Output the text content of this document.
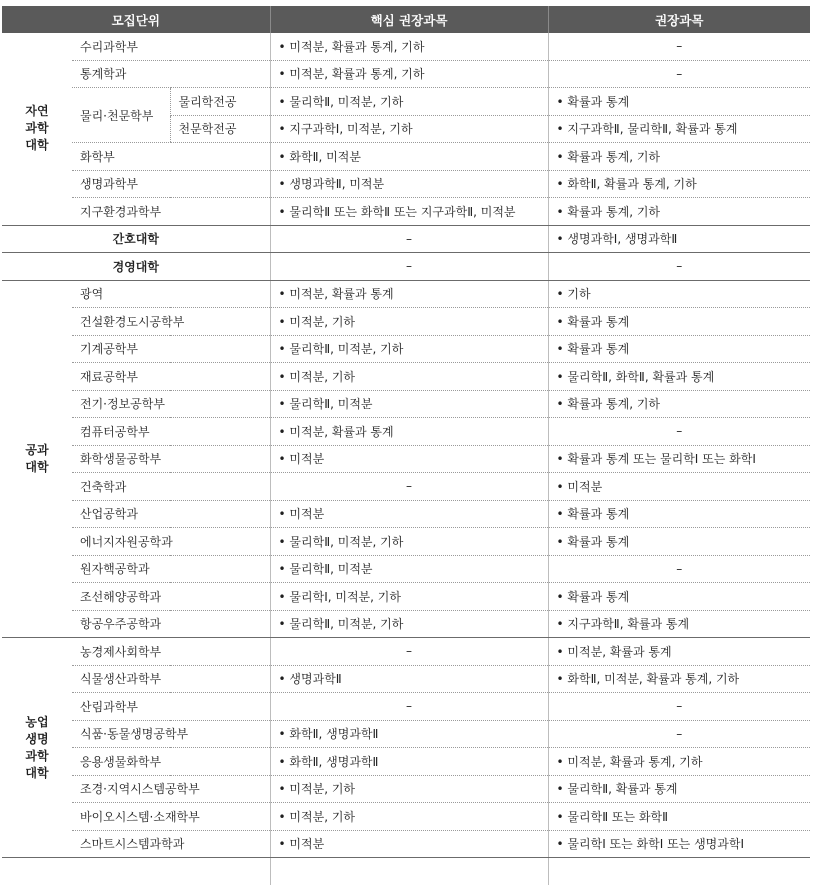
모집단위			핵심 권장과목	권장과목
자연
과학
대학	수리과학부		• 미적분, 확률과 통계, 기하	–
	통계학과		• 미적분, 확률과 통계, 기하	–
	물리·천문학부	물리학전공	• 물리학Ⅱ, 미적분, 기하	• 확률과 통계
		천문학전공	• 지구과학Ⅰ, 미적분, 기하	• 지구과학Ⅱ, 물리학Ⅱ, 확률과 통계
	화학부		• 화학Ⅱ, 미적분	• 확률과 통계, 기하
	생명과학부		• 생명과학Ⅱ, 미적분	• 화학Ⅱ, 확률과 통계, 기하
	지구환경과학부		• 물리학Ⅱ 또는 화학Ⅱ 또는 지구과학Ⅱ, 미적분	• 확률과 통계, 기하
간호대학			–	• 생명과학Ⅰ, 생명과학Ⅱ
경영대학			–	–
공과
대학	광역		• 미적분, 확률과 통계	• 기하
	건설환경도시공학부		• 미적분, 기하	• 확률과 통계
	기계공학부		• 물리학Ⅱ, 미적분, 기하	• 확률과 통계
	재료공학부		• 미적분, 기하	• 물리학Ⅱ, 화학Ⅱ, 확률과 통계
	전기·정보공학부		• 물리학Ⅱ, 미적분	• 확률과 통계, 기하
	컴퓨터공학부		• 미적분, 확률과 통계	–
	화학생물공학부		• 미적분	• 확률과 통계 또는 물리학Ⅰ 또는 화학Ⅰ
	건축학과		–	• 미적분
	산업공학과		• 미적분	• 확률과 통계
	에너지자원공학과		• 물리학Ⅱ, 미적분, 기하	• 확률과 통계
	원자핵공학과		• 물리학Ⅱ, 미적분	–
	조선해양공학과		• 물리학Ⅰ, 미적분, 기하	• 확률과 통계
	항공우주공학과		• 물리학Ⅱ, 미적분, 기하	• 지구과학Ⅱ, 확률과 통계
농업
생명
과학
대학	농경제사회학부		–	• 미적분, 확률과 통계
	식물생산과학부		• 생명과학Ⅱ	• 화학Ⅱ, 미적분, 확률과 통계, 기하
	산림과학부		–	–
	식품·동물생명공학부		• 화학Ⅱ, 생명과학Ⅱ	–
	응용생물화학부		• 화학Ⅱ, 생명과학Ⅱ	• 미적분, 확률과 통계, 기하
	조경·지역시스템공학부		• 미적분, 기하	• 물리학Ⅱ, 확률과 통계
	바이오시스템·소재학부		• 미적분, 기하	• 물리학Ⅱ 또는 화학Ⅱ
	스마트시스템과학과		• 미적분	• 물리학Ⅰ 또는 화학Ⅰ 또는 생명과학Ⅰ
